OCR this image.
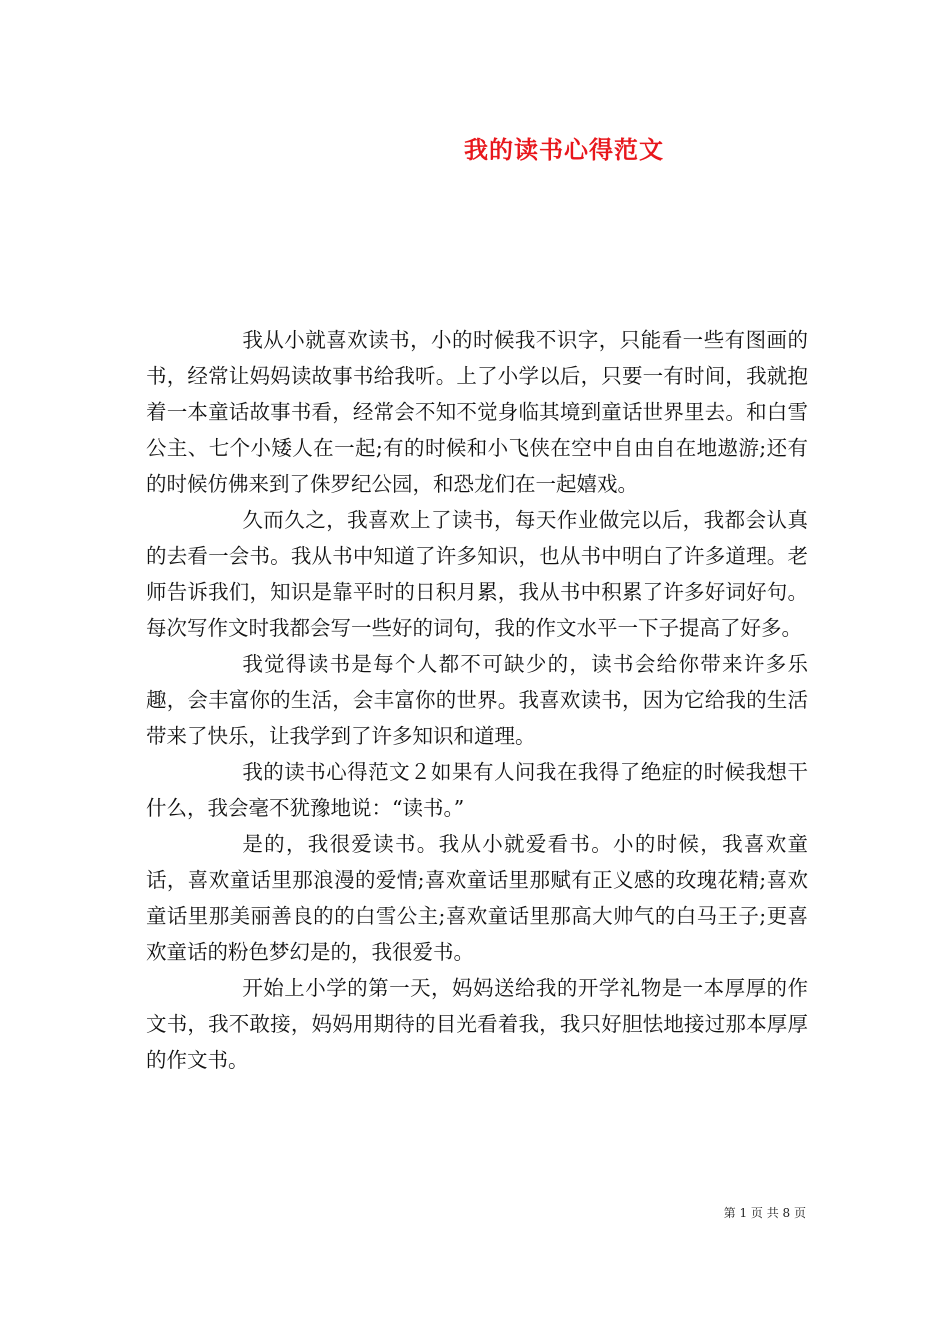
我的读书心得范文

我从小就喜欢读书，小的时候我不识字，只能看一些有图画的书，经常让妈妈读故事书给我听。上了小学以后，只要一有时间，我就抱着一本童话故事书看，经常会不知不觉身临其境到童话世界里去。和白雪公主、七个小矮人在一起;有的时候和小飞侠在空中自由自在地遨游;还有的时候仿佛来到了侏罗纪公园，和恐龙们在一起嬉戏。

久而久之，我喜欢上了读书，每天作业做完以后，我都会认真的去看一会书。我从书中知道了许多知识，也从书中明白了许多道理。老师告诉我们，知识是靠平时的日积月累，我从书中积累了许多好词好句。每次写作文时我都会写一些好的词句，我的作文水平一下子提高了好多。

我觉得读书是每个人都不可缺少的，读书会给你带来许多乐趣，会丰富你的生活，会丰富你的世界。我喜欢读书，因为它给我的生活带来了快乐，让我学到了许多知识和道理。

我的读书心得范文２如果有人问我在我得了绝症的时候我想干什么，我会毫不犹豫地说：“读书。”

是的，我很爱读书。我从小就爱看书。小的时候，我喜欢童话，喜欢童话里那浪漫的爱情;喜欢童话里那赋有正义感的玫瑰花精;喜欢童话里那美丽善良的的白雪公主;喜欢童话里那高大帅气的白马王子;更喜欢童话的粉色梦幻是的，我很爱书。

开始上小学的第一天，妈妈送给我的开学礼物是一本厚厚的作文书，我不敢接，妈妈用期待的目光看着我，我只好胆怯地接过那本厚厚的作文书。

第 1 页 共 8 页
